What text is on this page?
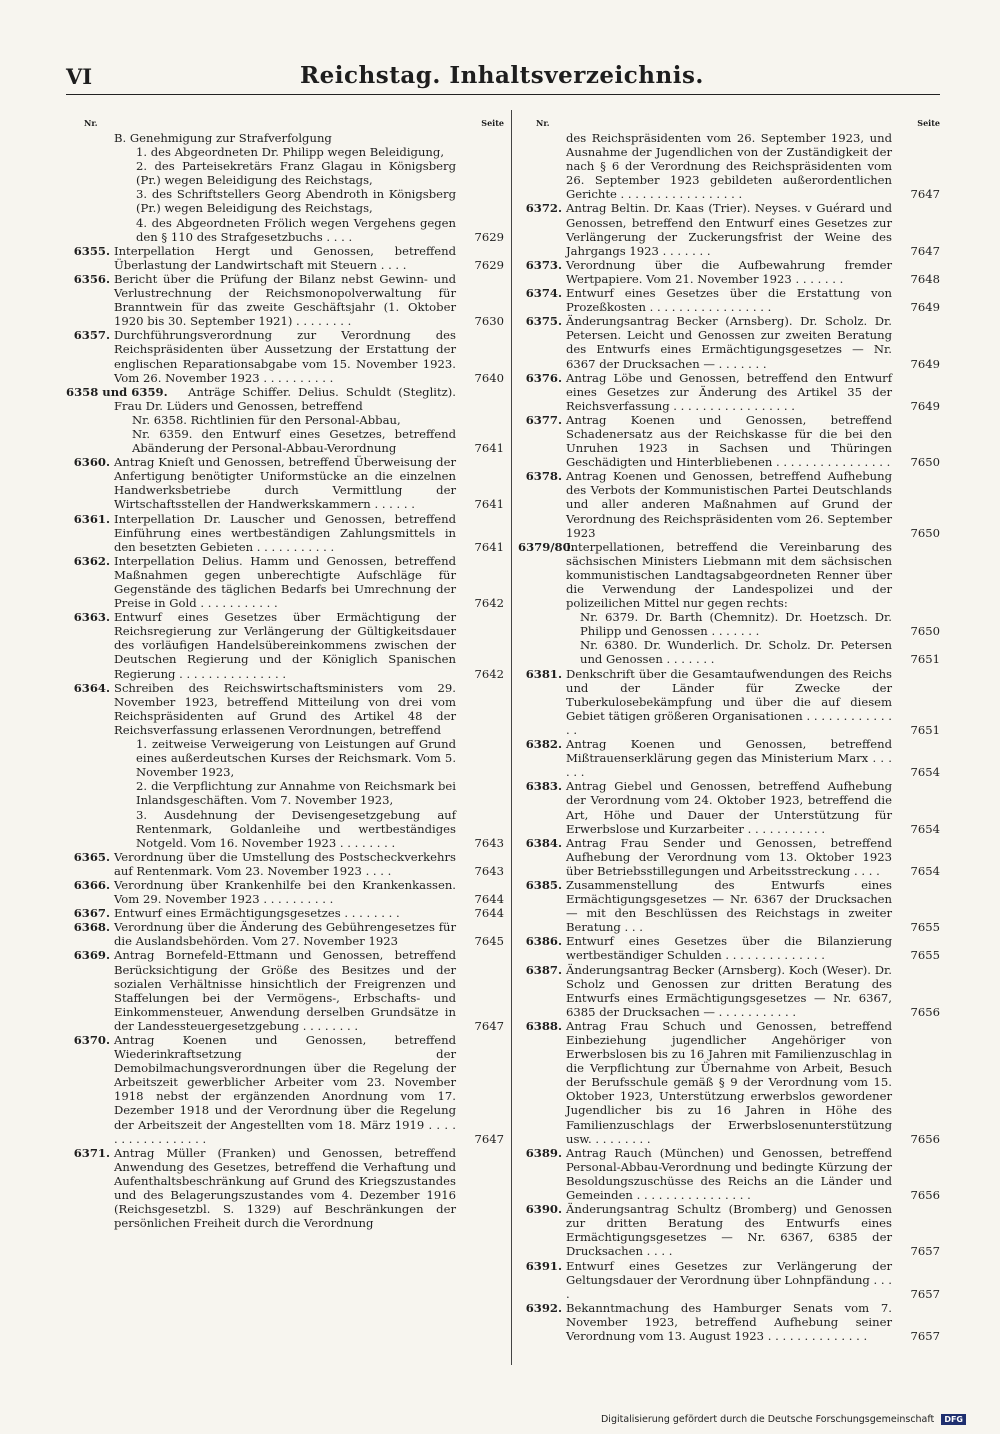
VI	Reichstag. Inhaltsverzeichnis.
Nr.	Seite
B. Genehmigung zur Strafverfolgung
1. des Abgeordneten Dr. Philipp wegen Beleidigung,
2. des Parteisekretärs Franz Glagau in Königsberg (Pr.) wegen Beleidigung des Reichstags,
3. des Schriftstellers Georg Abendroth in Königsberg (Pr.) wegen Beleidigung des Reichstags,
4. des Abgeordneten Frölich wegen Vergehens gegen den § 110 des Strafgesetzbuchs . . . .	7629
6355. Interpellation Hergt und Genossen, betreffend Überlastung der Landwirtschaft mit Steuern . . . .	7629
6356. Bericht über die Prüfung der Bilanz nebst Gewinn- und Verlustrechnung der Reichsmonopolverwaltung für Branntwein für das zweite Geschäftsjahr (1. Oktober 1920 bis 30. September 1921) . . . . . . . .	7630
6357. Durchführungsverordnung zur Verordnung des Reichspräsidenten über Aussetzung der Erstattung der englischen Reparationsabgabe vom 15. November 1923. Vom 26. November 1923 . . . . . . . . . .	7640
6358 und 6359.	Anträge Schiffer. Delius. Schuldt (Steglitz). Frau Dr. Lüders und Genossen, betreffend
Nr. 6358. Richtlinien für den Personal-Abbau,
Nr. 6359. den Entwurf eines Gesetzes, betreffend Abänderung der Personal-Abbau-Verordnung	7641
6360. Antrag Knieſt und Genossen, betreffend Überweisung der Anfertigung benötigter Uniformstücke an die einzelnen Handwerksbetriebe durch Vermittlung der Wirtschaftsstellen der Handwerkskammern . . . . . .	7641
6361. Interpellation Dr. Lauscher und Genossen, betreffend Einführung eines wertbeständigen Zahlungsmittels in den besetzten Gebieten . . . . . . . . . . .	7641
6362. Interpellation Delius. Hamm und Genossen, betreffend Maßnahmen gegen unberechtigte Aufschläge für Gegenstände des täglichen Bedarfs bei Umrechnung der Preise in Gold . . . . . . . . . . .	7642
6363. Entwurf eines Gesetzes über Ermächtigung der Reichsregierung zur Verlängerung der Gültigkeitsdauer des vorläufigen Handelsübereinkommens zwischen der Deutschen Regierung und der Königlich Spanischen Regierung . . . . . . . . . . . . . . .	7642
6364. Schreiben des Reichswirtschaftsministers vom 29. November 1923, betreffend Mitteilung von drei vom Reichspräsidenten auf Grund des Artikel 48 der Reichsverfassung erlassenen Verordnungen, betreffend
1. zeitweise Verweigerung von Leistungen auf Grund eines außerdeutschen Kurses der Reichsmark. Vom 5. November 1923,
2. die Verpflichtung zur Annahme von Reichsmark bei Inlandsgeschäften. Vom 7. November 1923,
3. Ausdehnung der Devisengesetzgebung auf Rentenmark, Goldanleihe und wertbeständiges Notgeld. Vom 16. November 1923 . . . . . . . .	7643
6365. Verordnung über die Umstellung des Postscheckverkehrs auf Rentenmark. Vom 23. November 1923 . . . .	7643
6366. Verordnung über Krankenhilfe bei den Krankenkassen. Vom 29. November 1923 . . . . . . . . . .	7644
6367. Entwurf eines Ermächtigungsgesetzes . . . . . . . .	7644
6368. Verordnung über die Änderung des Gebührengesetzes für die Auslandsbehörden. Vom 27. November 1923	7645
6369. Antrag Bornefeld-Ettmann und Genossen, betreffend Berücksichtigung der Größe des Besitzes und der sozialen Verhältnisse hinsichtlich der Freigrenzen und Staffelungen bei der Vermögens-, Erbschafts- und Einkommensteuer, Anwendung derselben Grundsätze in der Landessteuergesetzgebung . . . . . . . .	7647
6370. Antrag Koenen und Genossen, betreffend Wiederinkraftsetzung der Demobilmachungsverordnungen über die Regelung der Arbeitszeit gewerblicher Arbeiter vom 23. November 1918 nebst der ergänzenden Anordnung vom 17. Dezember 1918 und der Verordnung über die Regelung der Arbeitszeit der Angestellten vom 18. März 1919 . . . . . . . . . . . . . . . . .	7647
6371. Antrag Müller (Franken) und Genossen, betreffend Anwendung des Gesetzes, betreffend die Verhaftung und Aufenthaltsbeschränkung auf Grund des Kriegszustandes und des Belagerungszustandes vom 4. Dezember 1916 (Reichsgesetzbl. S. 1329) auf Beschränkungen der persönlichen Freiheit durch die Verordnung
Nr.	Seite
des Reichspräsidenten vom 26. September 1923, und Ausnahme der Jugendlichen von der Zuständigkeit der nach § 6 der Verordnung des Reichspräsidenten vom 26. September 1923 gebildeten außerordentlichen Gerichte . . . . . . . . . . . . . . . . .	7647
6372. Antrag Beltin. Dr. Kaas (Trier). Neyses. v Guérard und Genossen, betreffend den Entwurf eines Gesetzes zur Verlängerung der Zuckerungsfrist der Weine des Jahrgangs 1923 . . . . . . .	7647
6373. Verordnung über die Aufbewahrung fremder Wertpapiere. Vom 21. November 1923 . . . . . . .	7648
6374. Entwurf eines Gesetzes über die Erstattung von Prozeßkosten . . . . . . . . . . . . . . . . .	7649
6375. Änderungsantrag Becker (Arnsberg). Dr. Scholz. Dr. Petersen. Leicht und Genossen zur zweiten Beratung des Entwurfs eines Ermächtigungsgesetzes — Nr. 6367 der Drucksachen — . . . . . . .	7649
6376. Antrag Löbe und Genossen, betreffend den Entwurf eines Gesetzes zur Änderung des Artikel 35 der Reichsverfassung . . . . . . . . . . . . . . . . .	7649
6377. Antrag Koenen und Genossen, betreffend Schadenersatz aus der Reichskasse für die bei den Unruhen 1923 in Sachsen und Thüringen Geschädigten und Hinterbliebenen . . . . . . . . . . . . . . . .	7650
6378. Antrag Koenen und Genossen, betreffend Aufhebung des Verbots der Kommunistischen Partei Deutschlands und aller anderen Maßnahmen auf Grund der Verordnung des Reichspräsidenten vom 26. September 1923	7650
6379/80.
Interpellationen, betreffend die Vereinbarung des sächsischen Ministers Liebmann mit dem sächsischen kommunistischen Landtagsabgeordneten Renner über die Verwendung der Landespolizei und der polizeilichen Mittel nur gegen rechts:
Nr. 6379. Dr. Barth (Chemnitz). Dr. Hoetzsch. Dr. Philipp und Genossen . . . . . . .	7650
Nr. 6380. Dr. Wunderlich. Dr. Scholz. Dr. Petersen und Genossen . . . . . . .	7651
6381. Denkschrift über die Gesamtaufwendungen des Reichs und der Länder für Zwecke der Tuberkulosebekämpfung und über die auf diesem Gebiet tätigen größeren Organisationen . . . . . . . . . . . . . .	7651
6382. Antrag Koenen und Genossen, betreffend Mißtrauenserklärung gegen das Ministerium Marx . . . . . .	7654
6383. Antrag Giebel und Genossen, betreffend Aufhebung der Verordnung vom 24. Oktober 1923, betreffend die Art, Höhe und Dauer der Unterstützung für Erwerbslose und Kurzarbeiter . . . . . . . . . . .	7654
6384. Antrag Frau Sender und Genossen, betreffend Aufhebung der Verordnung vom 13. Oktober 1923 über Betriebsstillegungen und Arbeitsstreckung . . . .	7654
6385. Zusammenstellung des Entwurfs eines Ermächtigungsgesetzes — Nr. 6367 der Drucksachen — mit den Beschlüssen des Reichstags in zweiter Beratung . . .	7655
6386. Entwurf eines Gesetzes über die Bilanzierung wertbeständiger Schulden . . . . . . . . . . . . . .	7655
6387. Änderungsantrag Becker (Arnsberg). Koch (Weser). Dr. Scholz und Genossen zur dritten Beratung des Entwurfs eines Ermächtigungsgesetzes — Nr. 6367, 6385 der Drucksachen — . . . . . . . . . . .	7656
6388. Antrag Frau Schuch und Genossen, betreffend Einbeziehung jugendlicher Angehöriger von Erwerbslosen bis zu 16 Jahren mit Familienzuschlag in die Verpflichtung zur Übernahme von Arbeit, Besuch der Berufsschule gemäß § 9 der Verordnung vom 15. Oktober 1923, Unterstützung erwerbslos gewordener Jugendlicher bis zu 16 Jahren in Höhe des Familienzuschlags der Erwerbslosenunterstützung usw. . . . . . . . .	7656
6389. Antrag Rauch (München) und Genossen, betreffend Personal-Abbau-Verordnung und bedingte Kürzung der Besoldungszuschüsse des Reichs an die Länder und Gemeinden . . . . . . . . . . . . . . . .	7656
6390. Änderungsantrag Schultz (Bromberg) und Genossen zur dritten Beratung des Entwurfs eines Ermächtigungsgesetzes — Nr. 6367, 6385 der Drucksachen . . . .	7657
6391. Entwurf eines Gesetzes zur Verlängerung der Geltungsdauer der Verordnung über Lohnpfändung . . . .	7657
6392. Bekanntmachung des Hamburger Senats vom 7. November 1923, betreffend Aufhebung seiner Verordnung vom 13. August 1923 . . . . . . . . . . . . . .	7657
Digitalisierung gefördert durch die Deutsche Forschungsgemeinschaft DFG
